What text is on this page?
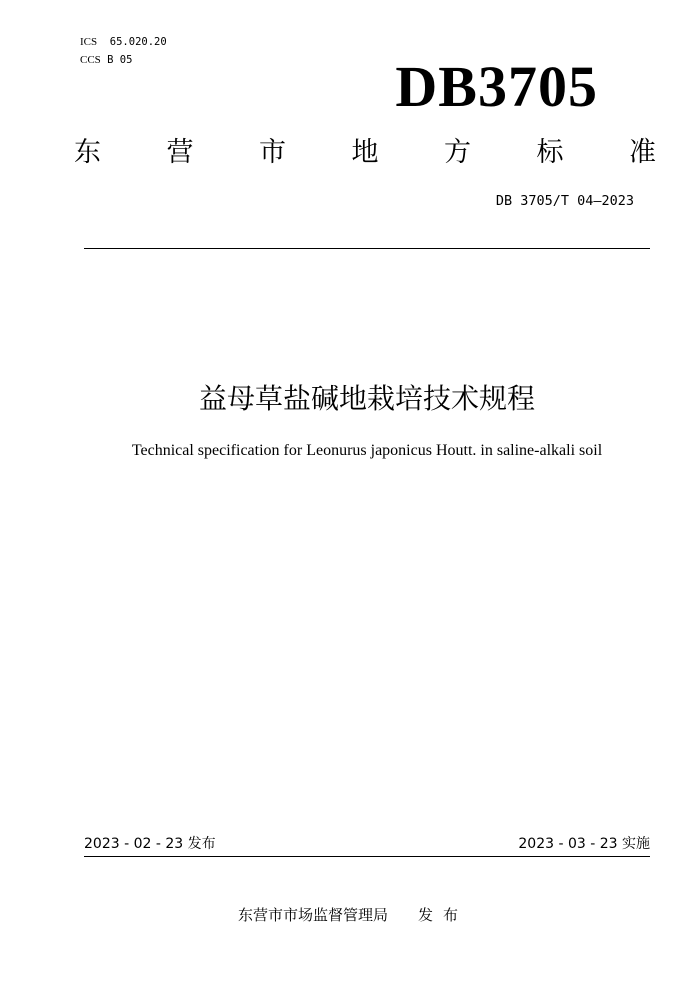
ICS 65.020.20
CCS B 05	DB3705
东 营 市 地 方 标 准
DB 3705/T 04—2023
益母草盐碱地栽培技术规程
Technical specification for Leonurus japonicus Houtt. in saline-alkali soil
2023 - 02 - 23 发布	2023 - 03 - 23 实施
东营市市场监督管理局 发布
